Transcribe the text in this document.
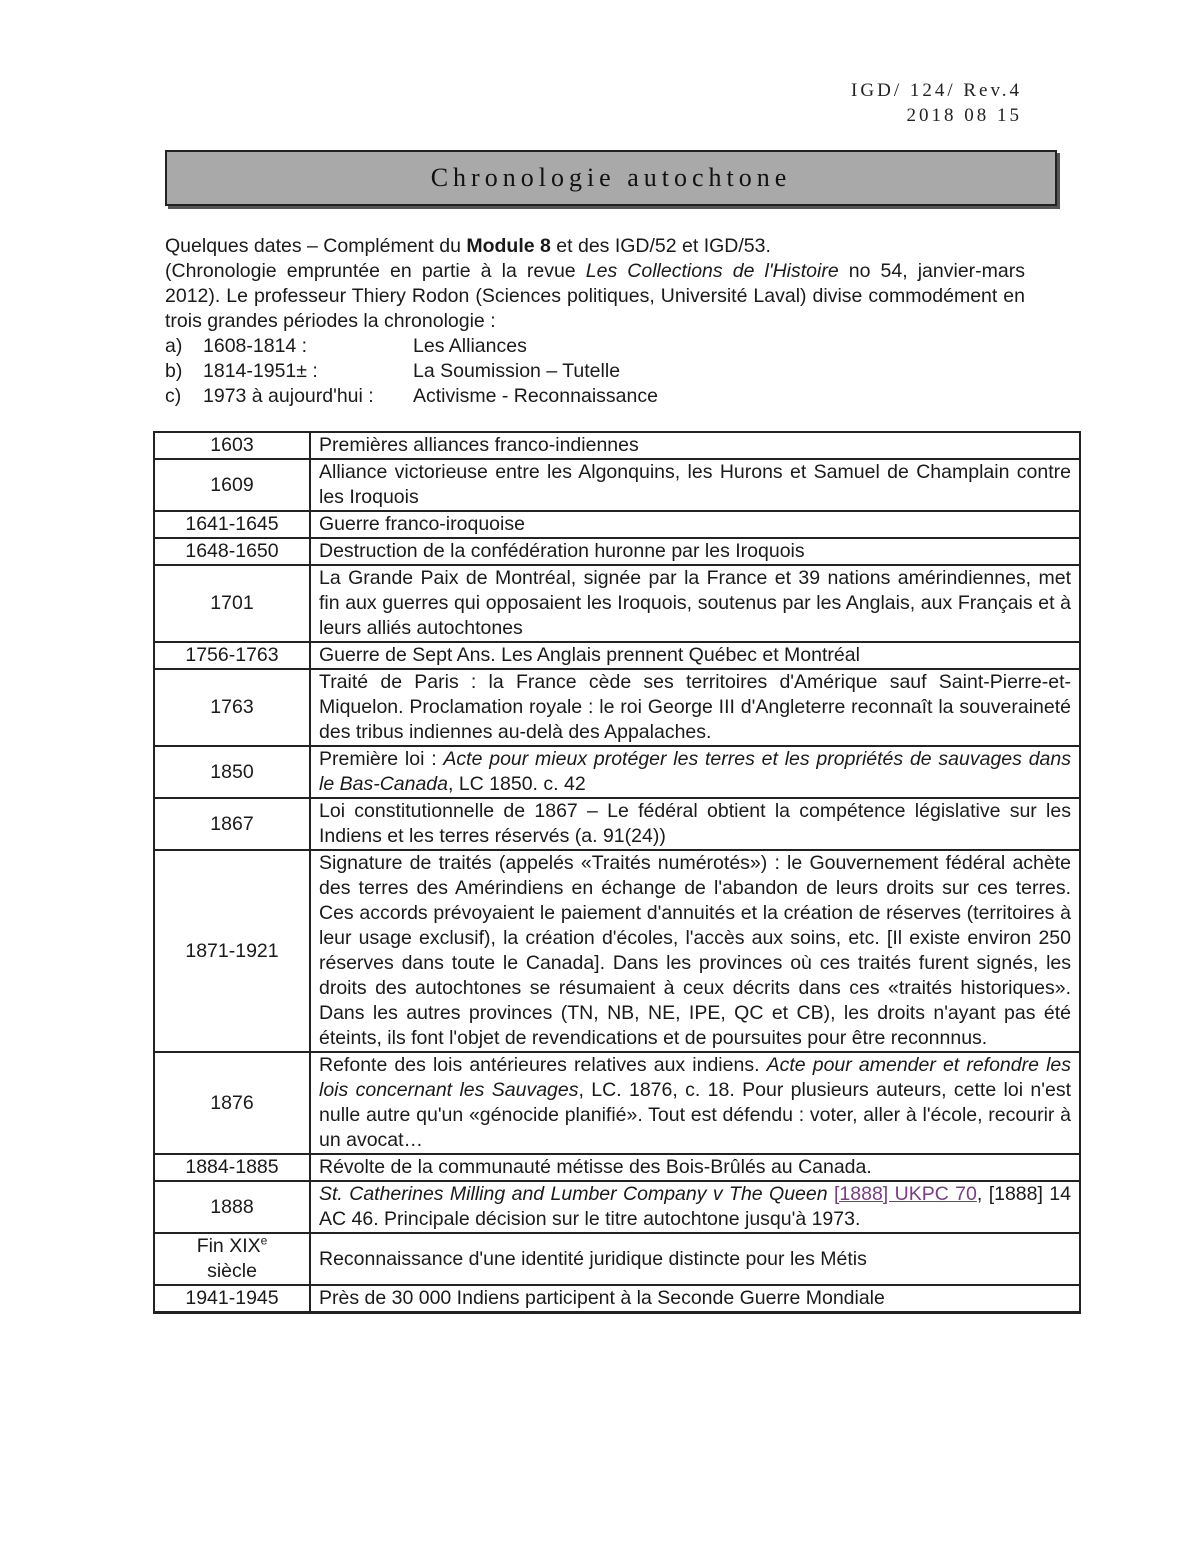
IGD/ 124/ Rev.4
2018 08 15
Chronologie autochtone

Quelques dates – Complément du Module 8 et des IGD/52 et IGD/53.

(Chronologie empruntée en partie à la revue Les Collections de l'Histoire no 54, janvier-mars 2012). Le professeur Thiery Rodon (Sciences politiques, Université Laval) divise commodément en trois grandes périodes la chronologie :

a)	1608-1814 :	Les Alliances
b)	1814-1951± :	La Soumission – Tutelle
c)	1973 à aujourd'hui :	Activisme - Reconnaissance
1603	Premières alliances franco-indiennes
1609	Alliance victorieuse entre les Algonquins, les Hurons et Samuel de Champlain contre les Iroquois
1641-1645	Guerre franco-iroquoise
1648-1650	Destruction de la confédération huronne par les Iroquois
1701	La Grande Paix de Montréal, signée par la France et 39 nations amérindiennes, met fin aux guerres qui opposaient les Iroquois, soutenus par les Anglais, aux Français et à leurs alliés autochtones
1756-1763	Guerre de Sept Ans. Les Anglais prennent Québec et Montréal
1763	Traité de Paris : la France cède ses territoires d'Amérique sauf Saint-Pierre-et-Miquelon. Proclamation royale : le roi George III d'Angleterre reconnaît la souveraineté des tribus indiennes au-delà des Appalaches.
1850	Première loi : Acte pour mieux protéger les terres et les propriétés de sauvages dans le Bas-Canada, LC 1850. c. 42
1867	Loi constitutionnelle de 1867 – Le fédéral obtient la compétence législative sur les Indiens et les terres réservés (a. 91(24))
1871-1921	Signature de traités (appelés «Traités numérotés») : le Gouvernement fédéral achète des terres des Amérindiens en échange de l'abandon de leurs droits sur ces terres. Ces accords prévoyaient le paiement d'annuités et la création de réserves (territoires à leur usage exclusif), la création d'écoles, l'accès aux soins, etc. [Il existe environ 250 réserves dans toute le Canada]. Dans les provinces où ces traités furent signés, les droits des autochtones se résumaient à ceux décrits dans ces «traités historiques». Dans les autres provinces (TN, NB, NE, IPE, QC et CB), les droits n'ayant pas été éteints, ils font l'objet de revendications et de poursuites pour être reconnnus.
1876	Refonte des lois antérieures relatives aux indiens. Acte pour amender et refondre les lois concernant les Sauvages, LC. 1876, c. 18. Pour plusieurs auteurs, cette loi n'est nulle autre qu'un «génocide planifié». Tout est défendu : voter, aller à l'école, recourir à un avocat…
1884-1885	Révolte de la communauté métisse des Bois-Brûlés au Canada.
1888	St. Catherines Milling and Lumber Company v The Queen [1888] UKPC 70, [1888] 14 AC 46. Principale décision sur le titre autochtone jusqu'à 1973.
Fin XIXe
siècle	Reconnaissance d'une identité juridique distincte pour les Métis
1941-1945	Près de 30 000 Indiens participent à la Seconde Guerre Mondiale
